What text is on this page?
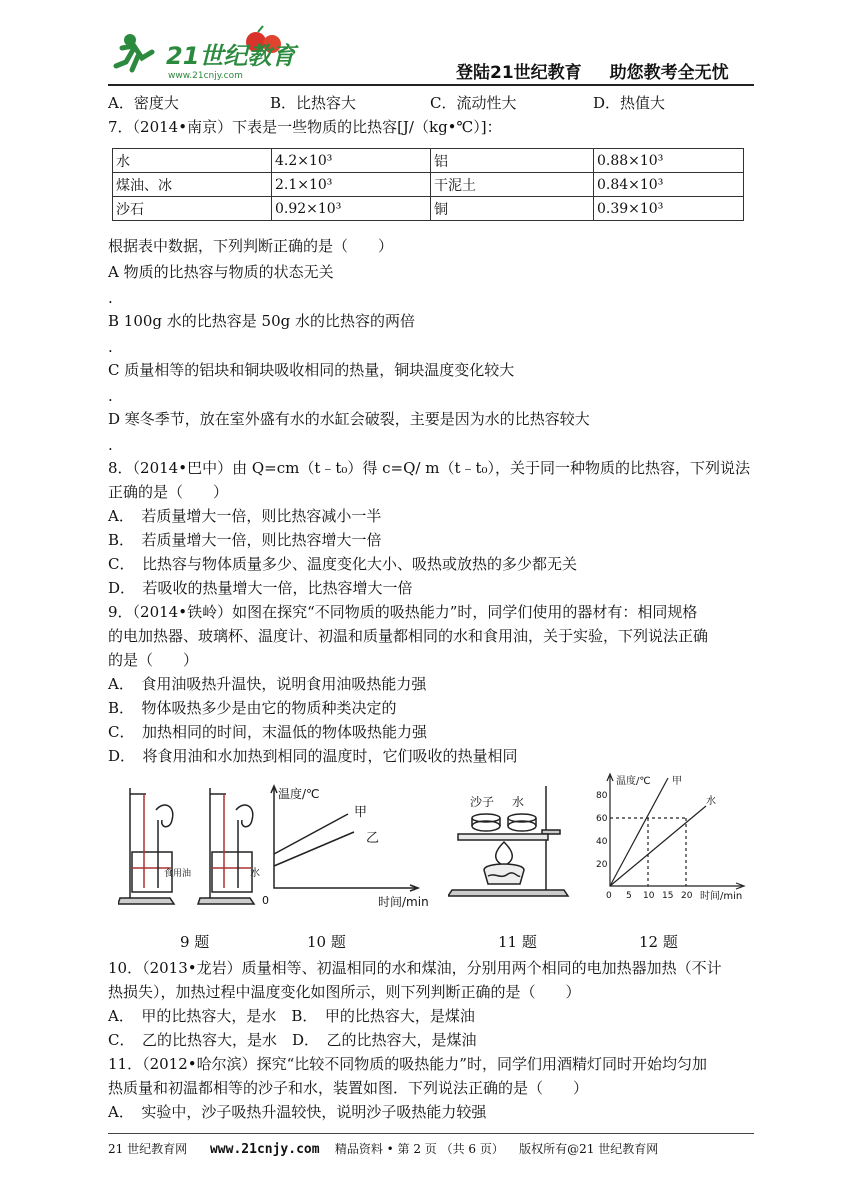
21世纪教育
www.21cnjy.com	登陆21世纪教育 助您教考全无忧
A．密度大	B．比热容大	C．流动性大	D．热值大
7．（2014•南京）下表是一些物质的比热容[J/（kg•℃）]：
水	4.2×10³	铝	0.88×10³
煤油、冰	2.1×10³	干泥土	0.84×10³
沙石	0.92×10³	铜	0.39×10³
根据表中数据，下列判断正确的是（　　）
A 物质的比热容与物质的状态无关
.
B 100g 水的比热容是 50g 水的比热容的两倍
.
C 质量相等的铝块和铜块吸收相同的热量，铜块温度变化较大
.
D 寒冬季节，放在室外盛有水的水缸会破裂，主要是因为水的比热容较大
.
8．（2014•巴中）由 Q=cm（t﹣t₀）得 c=Q/ m（t﹣t₀），关于同一种物质的比热容，下列说法
正确的是（　　）
A．　若质量增大一倍，则比热容减小一半
B．　若质量增大一倍，则比热容增大一倍
C．　比热容与物体质量多少、温度变化大小、吸热或放热的多少都无关
D．　若吸收的热量增大一倍，比热容增大一倍
9．（2014•铁岭）如图在探究“不同物质的吸热能力”时，同学们使用的器材有：相同规格
的电加热器、玻璃杯、温度计、初温和质量都相同的水和食用油，关于实验，下列说法正确
的是（　　）
A．　食用油吸热升温快，说明食用油吸热能力强
B．　物体吸热多少是由它的物质种类决定的
C．　加热相同的时间，末温低的物体吸热能力强
D．　将食用油和水加热到相同的温度时，它们吸收的热量相同
食用油	水
温度/℃
时间/min
0
甲
乙
沙子 水	80
60
40
20
0 5 10 15 20
温度/℃
时间/min
甲
水
9 题	10 题	11 题	12 题
10．（2013•龙岩）质量相等、初温相同的水和煤油，分别用两个相同的电加热器加热（不计
热损失），加热过程中温度变化如图所示，则下列判断正确的是（　　）
A．　甲的比热容大，是水　B．　甲的比热容大，是煤油
C．　乙的比热容大，是水　D．　乙的比热容大，是煤油
11．（2012•哈尔滨）探究“比较不同物质的吸热能力”时，同学们用酒精灯同时开始均匀加
热质量和初温都相等的沙子和水，装置如图．下列说法正确的是（　　）
A．　实验中，沙子吸热升温较快，说明沙子吸热能力较强
21 世纪教育网 www.21cnjy.com 精品资料 • 第 2 页 （共 6 页） 版权所有@21 世纪教育网
